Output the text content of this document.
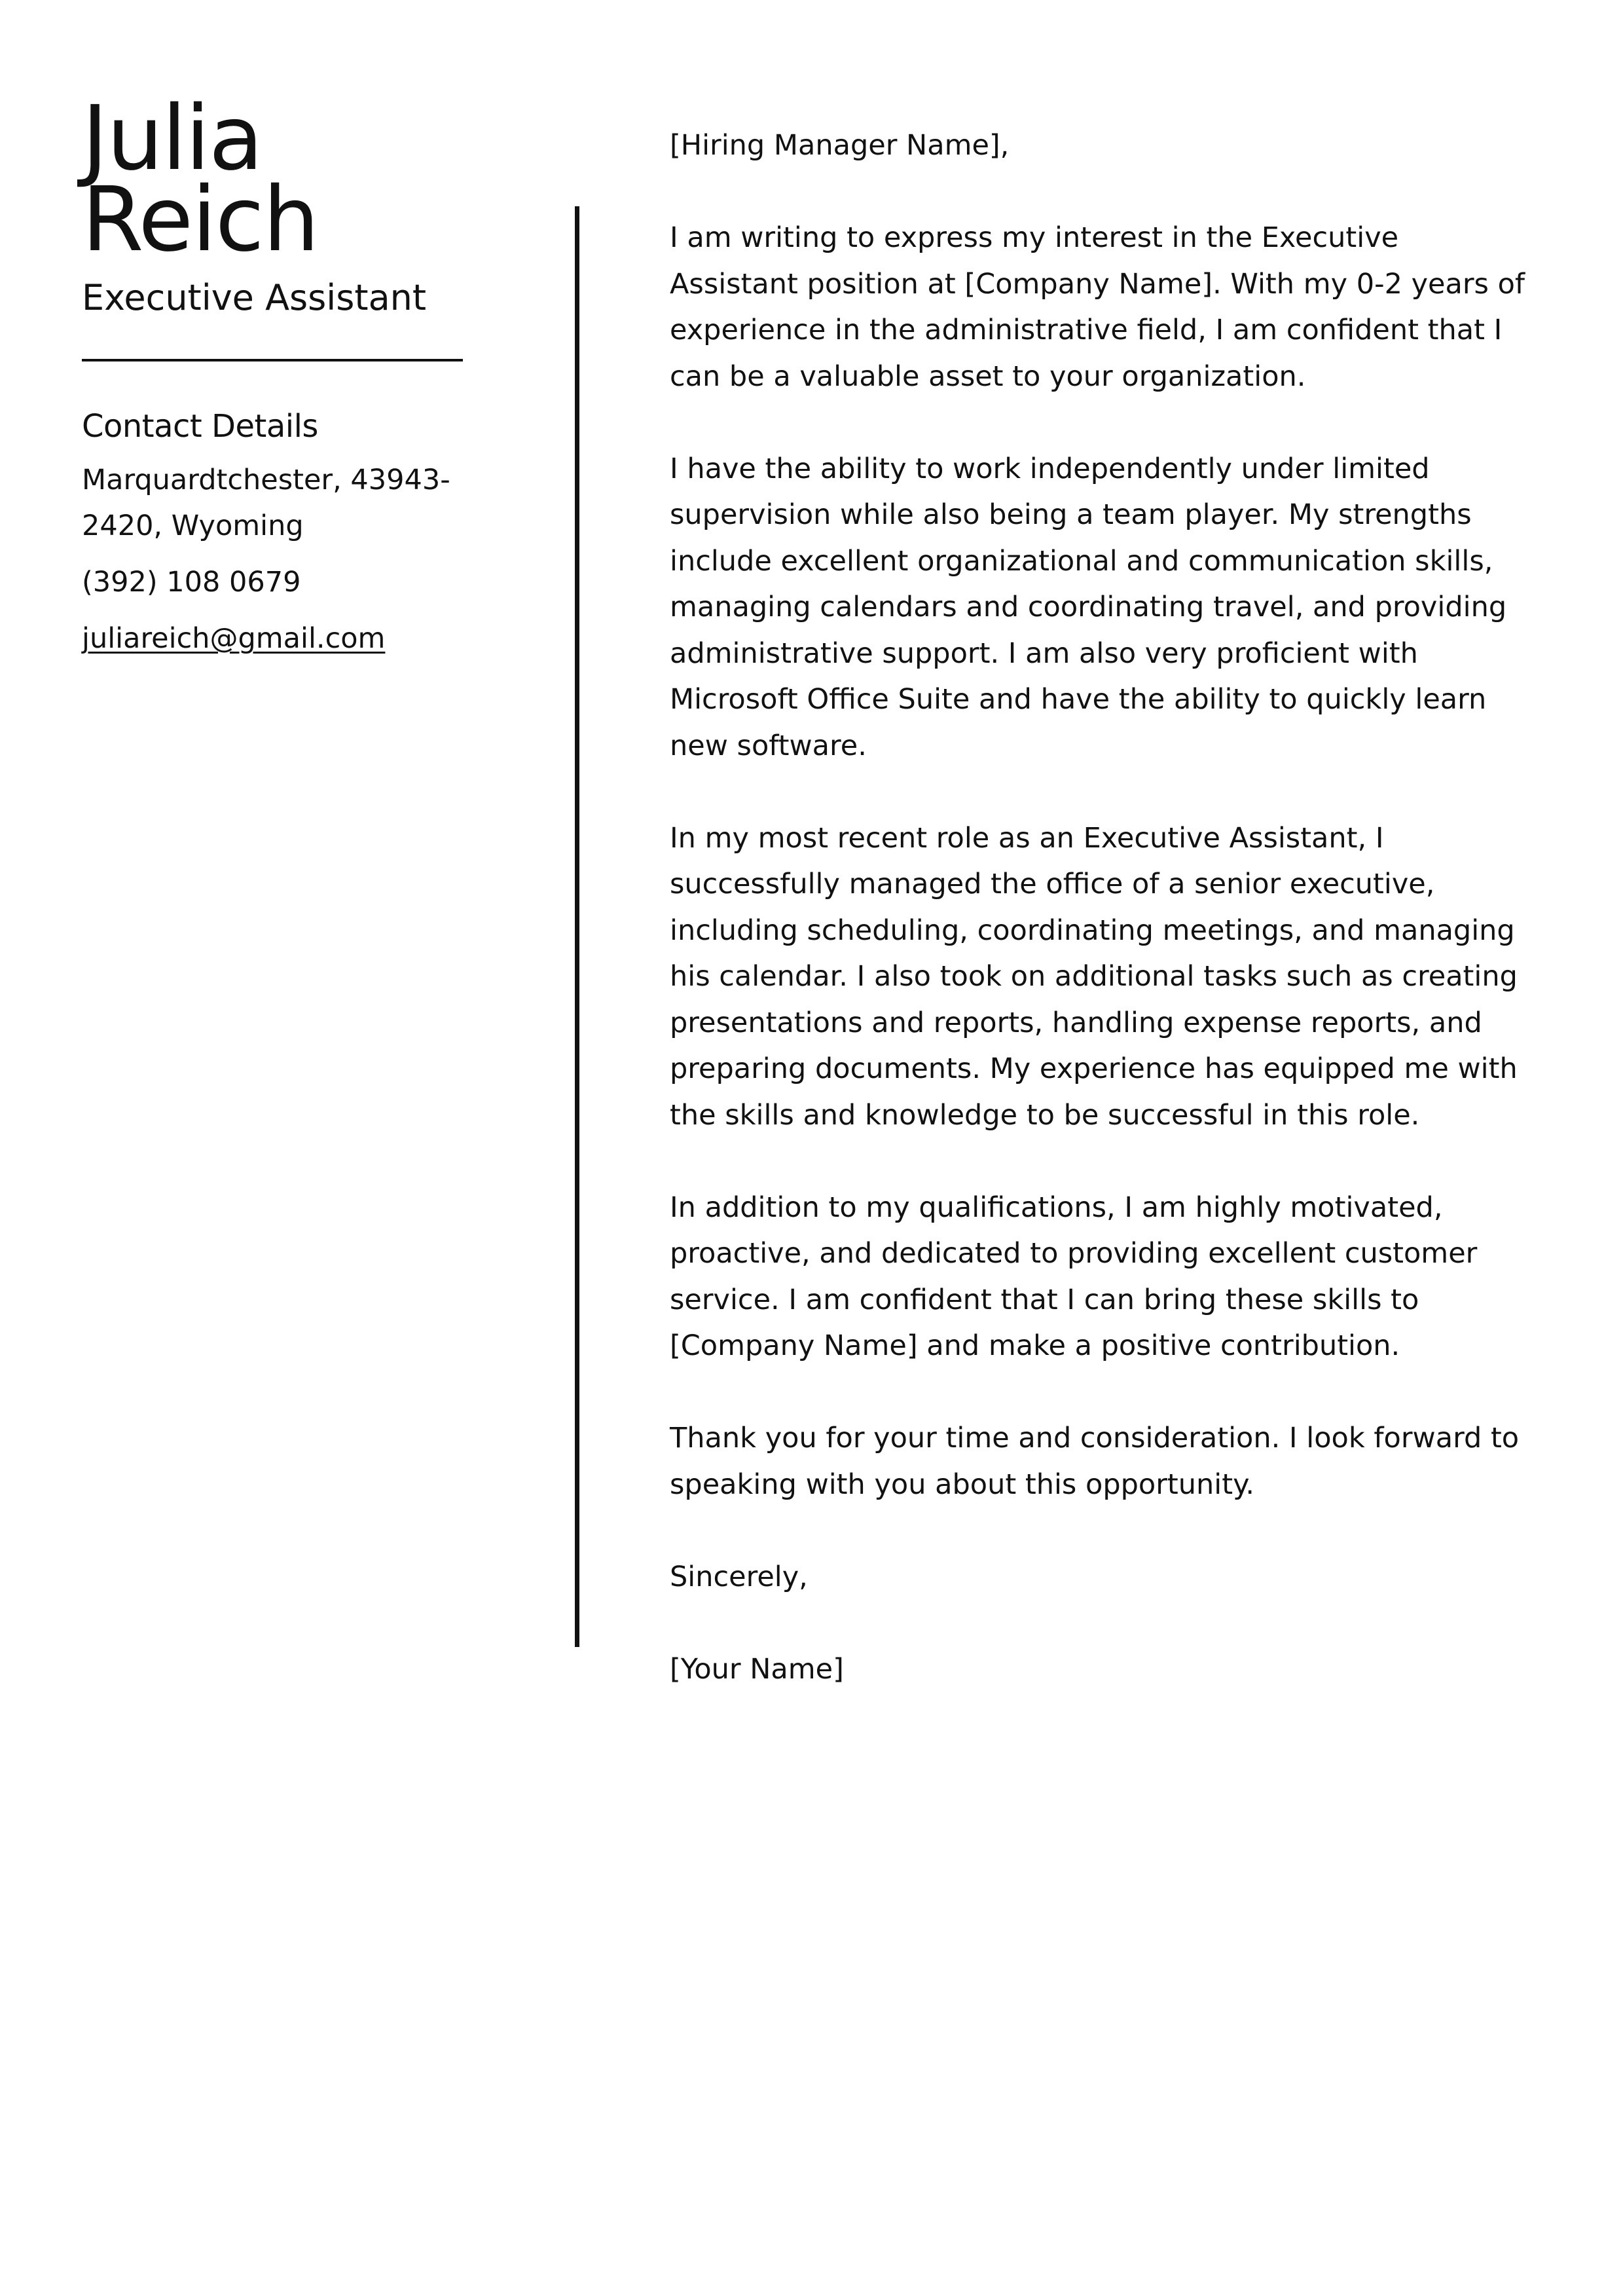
Julia
Reich
Executive Assistant
Contact Details
Marquardtchester, 43943-
2420, Wyoming
(392) 108 0679
juliareich@gmail.com

[Hiring Manager Name],

I am writing to express my interest in the Executive Assistant position at [Company Name]. With my 0-2 years of experience in the administrative field, I am confident that I can be a valuable asset to your organization.

I have the ability to work independently under limited supervision while also being a team player. My strengths include excellent organizational and communication skills, managing calendars and coordinating travel, and providing administrative support. I am also very proficient with Microsoft Office Suite and have the ability to quickly learn new software.

In my most recent role as an Executive Assistant, I successfully managed the office of a senior executive, including scheduling, coordinating meetings, and managing his calendar. I also took on additional tasks such as creating presentations and reports, handling expense reports, and preparing documents. My experience has equipped me with the skills and knowledge to be successful in this role.

In addition to my qualifications, I am highly motivated, proactive, and dedicated to providing excellent customer service. I am confident that I can bring these skills to [Company Name] and make a positive contribution.

Thank you for your time and consideration. I look forward to speaking with you about this opportunity.

Sincerely,

[Your Name]
